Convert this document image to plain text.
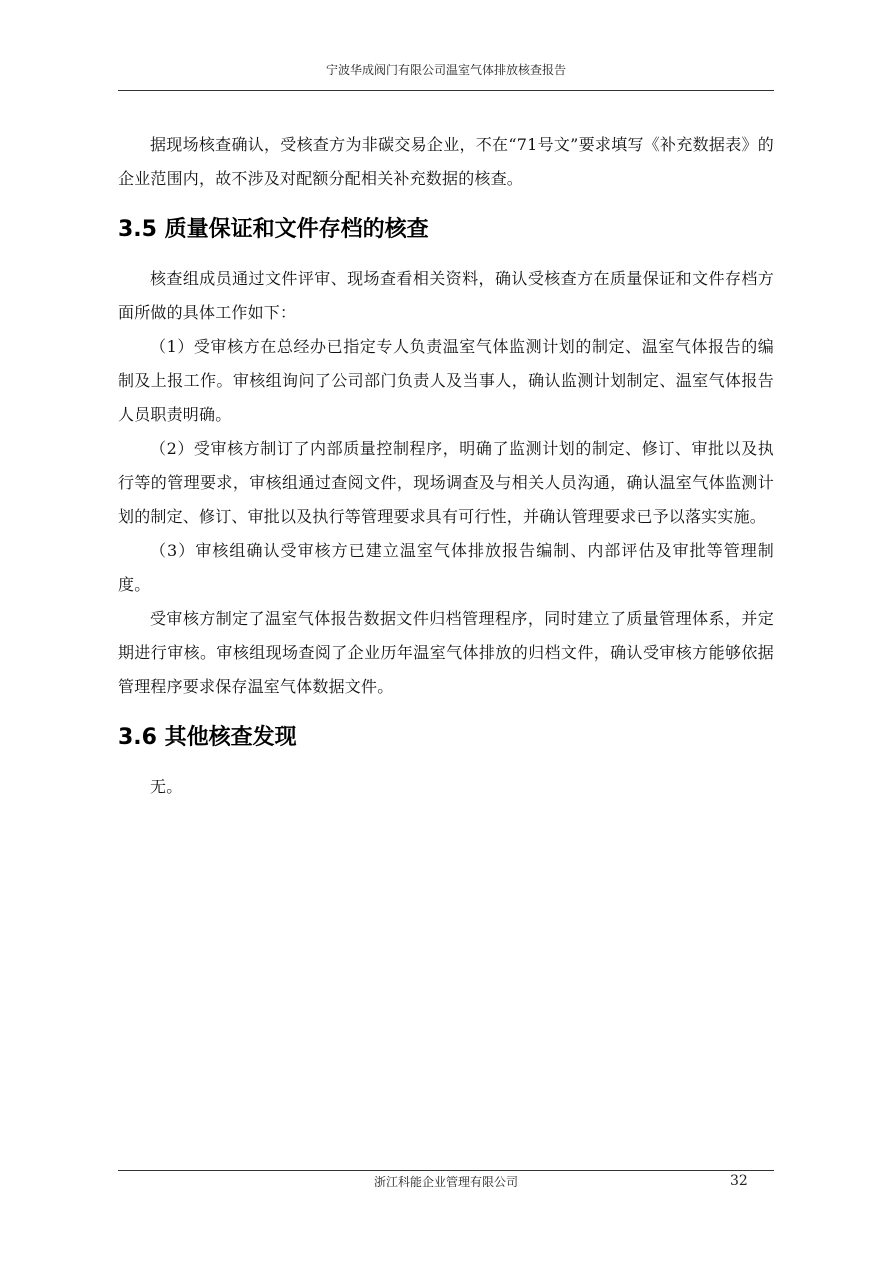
宁波华成阀门有限公司温室气体排放核查报告

据现场核查确认，受核查方为非碳交易企业，不在“71号文”要求填写《补充数据表》的企业范围内，故不涉及对配额分配相关补充数据的核查。

3.5 质量保证和文件存档的核查

核查组成员通过文件评审、现场查看相关资料，确认受核查方在质量保证和文件存档方面所做的具体工作如下：

（1）受审核方在总经办已指定专人负责温室气体监测计划的制定、温室气体报告的编制及上报工作。审核组询问了公司部门负责人及当事人，确认监测计划制定、温室气体报告人员职责明确。

（2）受审核方制订了内部质量控制程序，明确了监测计划的制定、修订、审批以及执行等的管理要求，审核组通过查阅文件，现场调查及与相关人员沟通，确认温室气体监测计划的制定、修订、审批以及执行等管理要求具有可行性，并确认管理要求已予以落实实施。

（3）审核组确认受审核方已建立温室气体排放报告编制、内部评估及审批等管理制度。

受审核方制定了温室气体报告数据文件归档管理程序，同时建立了质量管理体系，并定期进行审核。审核组现场查阅了企业历年温室气体排放的归档文件，确认受审核方能够依据管理程序要求保存温室气体数据文件。

3.6 其他核查发现

无。

浙江科能企业管理有限公司	32
